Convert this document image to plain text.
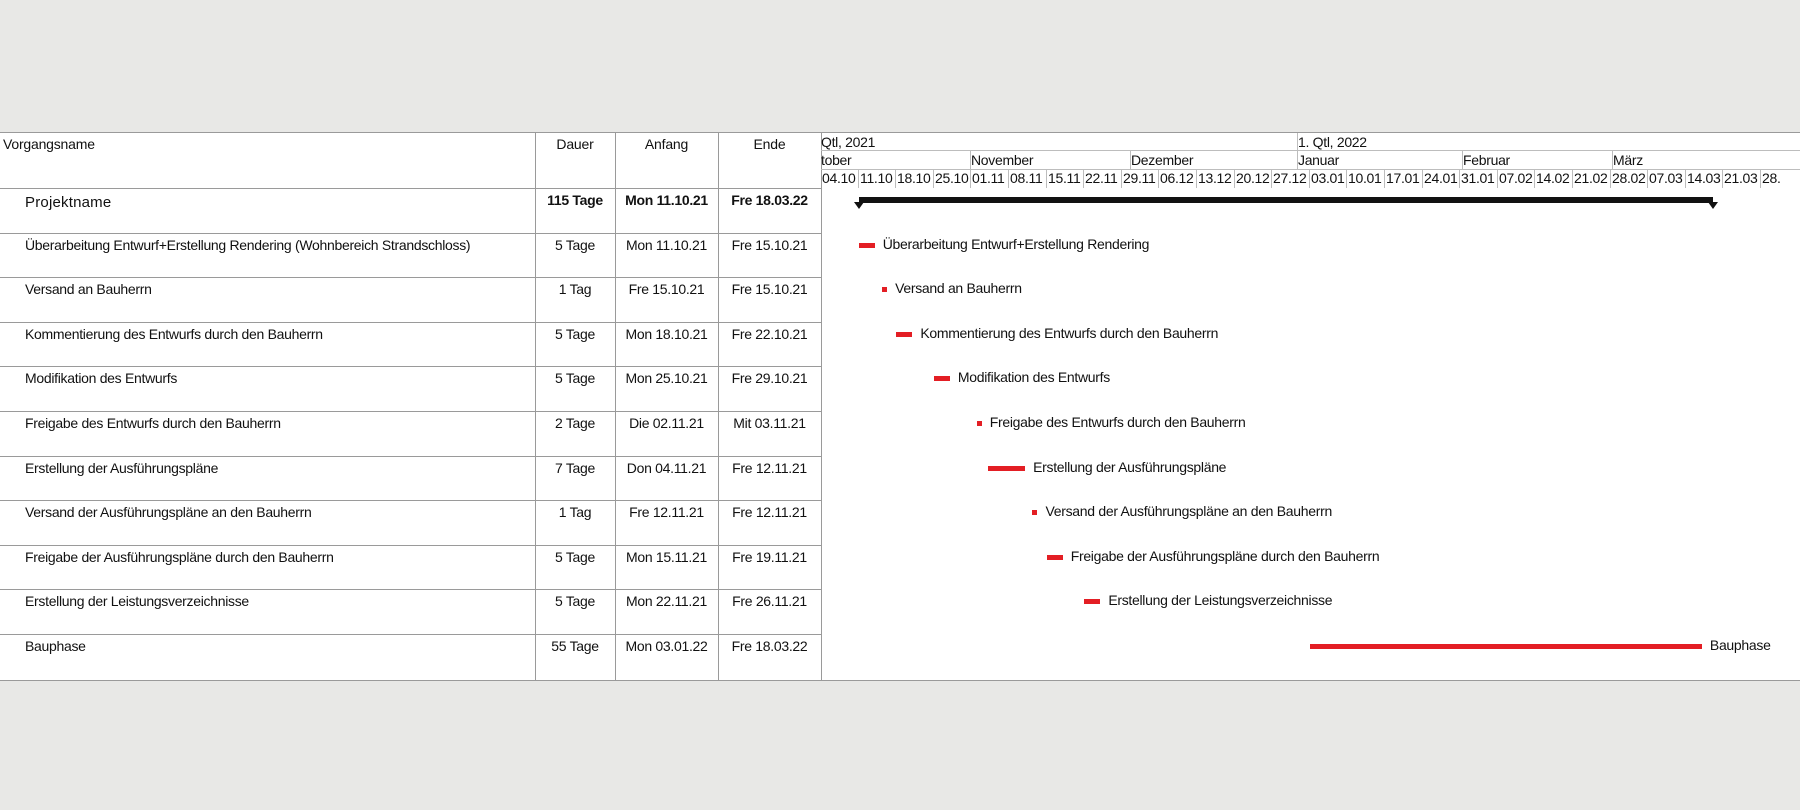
Vorgangsname	Dauer	Anfang	Ende	Qtl, 2021	1. Qtl, 2022
tober	November	Dezember	Januar	Februar	März
04.10 11.10 18.10 25.10 01.11 08.11 15.11 22.11 29.11 06.12 13.12 20.12 27.12 03.01 10.01 17.01 24.01 31.01 07.02 14.02 21.02 28.02 07.03 14.03 21.03 28.
Projektname	115 Tage	Mon 11.10.21	Fre 18.03.22
Überarbeitung Entwurf+Erstellung Rendering (Wohnbereich Strandschloss)	5 Tage	Mon 11.10.21	Fre 15.10.21
Versand an Bauherrn	1 Tag	Fre 15.10.21	Fre 15.10.21
Kommentierung des Entwurfs durch den Bauherrn	5 Tage	Mon 18.10.21	Fre 22.10.21
Modifikation des Entwurfs	5 Tage	Mon 25.10.21	Fre 29.10.21
Freigabe des Entwurfs durch den Bauherrn	2 Tage	Die 02.11.21	Mit 03.11.21
Erstellung der Ausführungspläne	7 Tage	Don 04.11.21	Fre 12.11.21
Versand der Ausführungspläne an den Bauherrn	1 Tag	Fre 12.11.21	Fre 12.11.21
Freigabe der Ausführungspläne durch den Bauherrn	5 Tage	Mon 15.11.21	Fre 19.11.21
Erstellung der Leistungsverzeichnisse	5 Tage	Mon 22.11.21	Fre 26.11.21
Bauphase	55 Tage	Mon 03.01.22	Fre 18.03.22
Überarbeitung Entwurf+Erstellung Rendering
Versand an Bauherrn
Kommentierung des Entwurfs durch den Bauherrn
Modifikation des Entwurfs
Freigabe des Entwurfs durch den Bauherrn
Erstellung der Ausführungspläne
Versand der Ausführungspläne an den Bauherrn
Freigabe der Ausführungspläne durch den Bauherrn
Erstellung der Leistungsverzeichnisse
Bauphase
